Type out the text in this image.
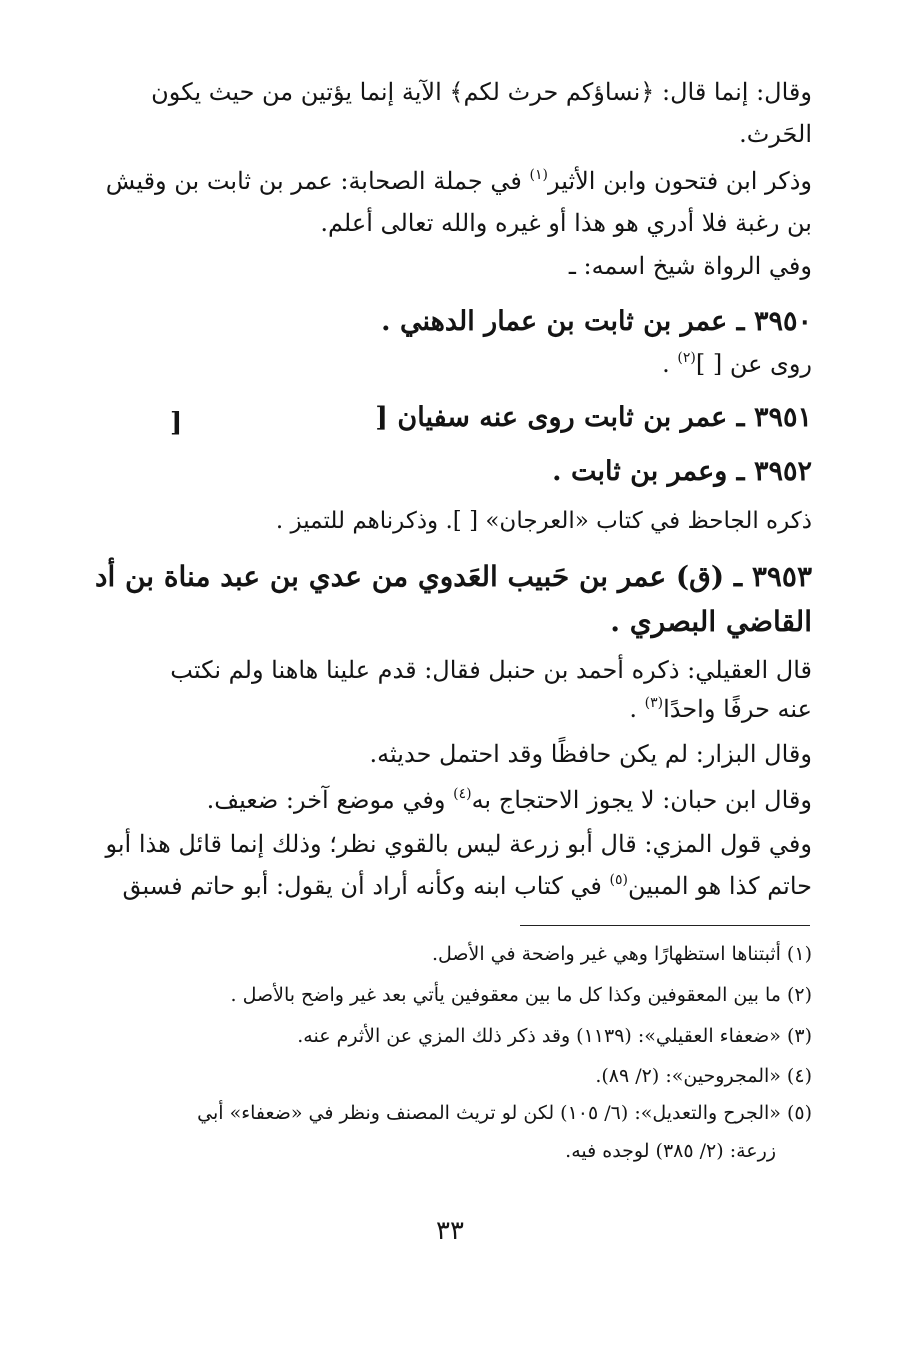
وقال: إنما قال: ﴿نساؤكم حرث لكم﴾ الآية إنما يؤتين من حيث يكون
الحَرث.
وذكر ابن فتحون وابن الأثير$^{(١)}$ في جملة الصحابة: عمر بن ثابت بن وقيش
بن رغبة فلا أدري هو هذا أو غيره والله تعالى أعلم.
وفي الرواة شيخ اسمه: ـ
٣٩٥٠ ـ عمر بن ثابت بن عمار الدهني .
روى عن [ ]$^{(٢)}$ .
٣٩٥١ ـ عمر بن ثابت روى عنه سفيان [
]
٣٩٥٢ ـ وعمر بن ثابت .
ذكره الجاحظ في كتاب «العرجان» [ ]. وذكرناهم للتميز .
٣٩٥٣ ـ (ق) عمر بن حَبيب العَدوي من عدي بن عبد مناة بن أد
القاضي البصري .
قال العقيلي: ذكره أحمد بن حنبل فقال: قدم علينا هاهنا ولم نكتب
عنه حرفًا واحدًا$^{(٣)}$ .
وقال البزار: لم يكن حافظًا وقد احتمل حديثه.
وقال ابن حبان: لا يجوز الاحتجاج به$^{(٤)}$ وفي موضع آخر: ضعيف.
وفي قول المزي: قال أبو زرعة ليس بالقوي نظر؛ وذلك إنما قائل هذا أبو
حاتم كذا هو المبين$^{(٥)}$ في كتاب ابنه وكأنه أراد أن يقول: أبو حاتم فسبق
(١) أثبتناها استظهارًا وهي غير واضحة في الأصل.
(٢) ما بين المعقوفين وكذا كل ما بين معقوفين يأتي بعد غير واضح بالأصل .
(٣) «ضعفاء العقيلي»: (١١٣٩) وقد ذكر ذلك المزي عن الأثرم عنه.
(٤) «المجروحين»: (٢/ ٨٩).
(٥) «الجرح والتعديل»: (٦/ ١٠٥) لكن لو تريث المصنف ونظر في «ضعفاء» أبي
زرعة: (٢/ ٣٨٥) لوجده فيه.
٣٣
